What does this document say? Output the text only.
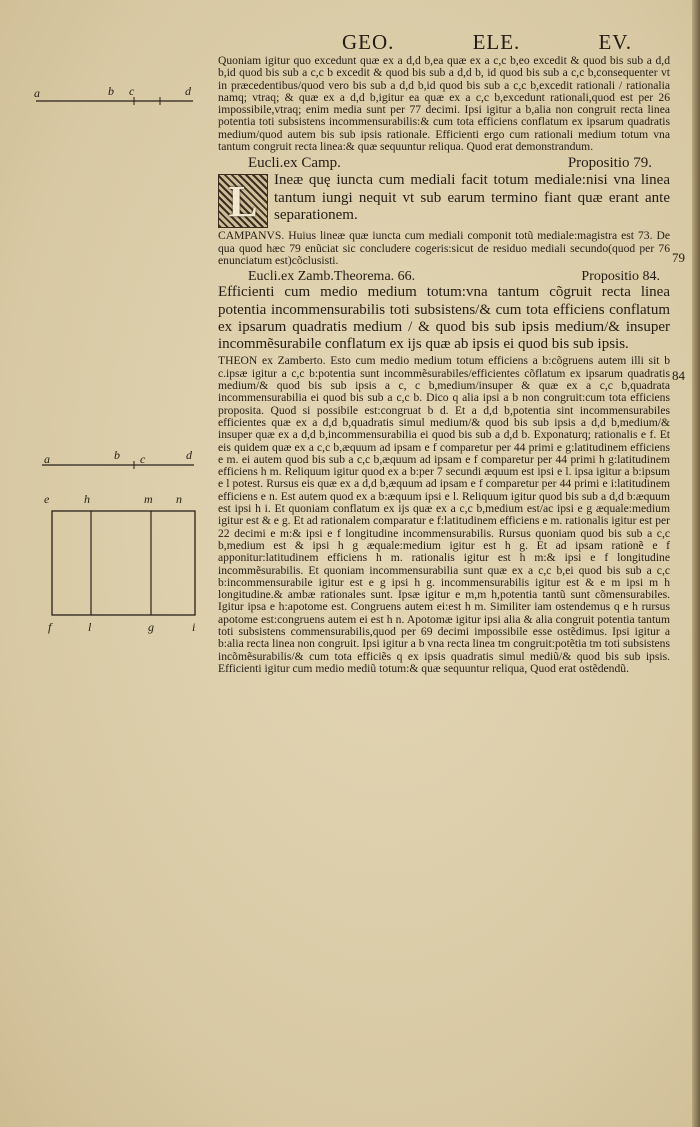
GEO.	ELE.	EV.
a	b c	d
a	b c	d
e	h	m n
f	l	g	i
79
84

Quoniam igitur quo excedunt quæ ex a d,d b,ea quæ ex a c,c b,eo excedit & quod bis sub a d,d b,id quod bis sub a c,c b excedit & quod bis sub a d,d b, id quod bis sub a c,c b,consequenter vt in præcedentibus/quod vero bis sub a d,d b,id quod bis sub a c,c b,excedit rationali / rationalia namq; vtraq; & quæ ex a d,d b,igitur ea quæ ex a c,c b,excedunt rationali,quod est per 26 impossibile,vtraq; enim media sunt per 77 decimi. Ipsi igitur a b,alia non congruit recta linea potentia toti subsistens incommensurabilis:& cum tota efficiens conflatum ex ipsarum quadratis medium/quod autem bis sub ipsis rationale. Efficienti ergo cum rationali medium totum vna tantum congruit recta linea:& quæ sequuntur reliqua. Quod erat demonstrandum.

Eucli.ex Camp.	Propositio 79.
L	Ineæ quę iuncta cum mediali facit totum mediale:nisi vna linea tantum iungi nequit vt sub earum termino fiant quæ erant ante separationem.

CAMPANVS. Huius lineæ quæ iuncta cum mediali componit totũ mediale:magistra est 73. De qua quod hæc 79 enũciat sic concludere cogeris:sicut de residuo mediali secundo(quod per 76 enunciatum est)cõclusisti.

Eucli.ex Zamb.Theorema. 66.	Propositio 84.

Efficienti cum medio medium totum:vna tantum cõgruit recta linea potentia incommensurabilis toti subsistens/& cum tota efficiens conflatum ex ipsarum quadratis medium / & quod bis sub ipsis medium/& insuper incommẽsurabile conflatum ex ijs quæ ab ipsis ei quod bis sub ipsis.

THEON ex Zamberto. Esto cum medio medium totum efficiens a b:cõgruens autem illi sit b c.ipsæ igitur a c,c b:potentia sunt incommẽsurabiles/efficientes cõflatum ex ipsarum quadratis medium/& quod bis sub ipsis a c, c b,medium/insuper & quæ ex a c,c b,quadrata incommensurabilia ei quod bis sub a c,c b. Dico q alia ipsi a b non congruit:cum tota efficiens proposita. Quod si possibile est:congruat b d. Et a d,d b,potentia sint incommensurabiles efficientes quæ ex a d,d b,quadratis simul medium/& quod bis sub ipsis a d,d b,medium/& insuper quæ ex a d,d b,incommensurabilia ei quod bis sub a d,d b. Exponaturq; rationalis e f. Et eis quidem quæ ex a c,c b,æquum ad ipsam e f comparetur per 44 primi e g:latitudinem efficiens e m. ei autem quod bis sub a c,c b,æquum ad ipsam e f comparetur per 44 primi h g:latitudinem efficiens h m. Reliquum igitur quod ex a b:per 7 secundi æquum est ipsi e l. ipsa igitur a b:ipsum e l potest. Rursus eis quæ ex a d,d b,æquum ad ipsam e f comparetur per 44 primi e i:latitudinem efficiens e n. Est autem quod ex a b:æquum ipsi e l. Reliquum igitur quod bis sub a d,d b:æquum est ipsi h i. Et quoniam conflatum ex ijs quæ ex a c,c b,medium est/ac ipsi e g æquale:medium igitur est & e g. Et ad rationalem comparatur e f:latitudinem efficiens e m. rationalis igitur est per 22 decimi e m:& ipsi e f longitudine incommensurabilis. Rursus quoniam quod bis sub a c,c b,medium est & ipsi h g æquale:medium igitur est h g. Et ad ipsam rationẽ e f apponitur:latitudinem efficiens h m. rationalis igitur est h m:& ipsi e f longitudine incommẽsurabilis. Et quoniam incommensurabilia sunt quæ ex a c,c b,ei quod bis sub a c,c b:incommensurabile igitur est e g ipsi h g. incommensurabilis igitur est & e m ipsi m h longitudine.& ambæ rationales sunt. Ipsæ igitur e m,m h,potentia tantũ sunt cõmensurabiles. Igitur ipsa e h:apotome est. Congruens autem ei:est h m. Similiter iam ostendemus q e h rursus apotome est:congruens autem ei est h n. Apotomæ igitur ipsi alia & alia congruit potentia tantum toti subsistens commensurabilis,quod per 69 decimi impossibile esse ostẽdimus. Ipsi igitur a b:alia recta linea non congruit. Ipsi igitur a b vna recta linea tm congruit:potẽtia tm toti subsistens incõmẽsurabilis/& cum tota efficiẽs q ex ipsis quadratis simul mediũ/& quod bis sub ipsis. Efficienti igitur cum medio mediũ totum:& quæ sequuntur reliqua, Quod erat ostẽdendũ.
